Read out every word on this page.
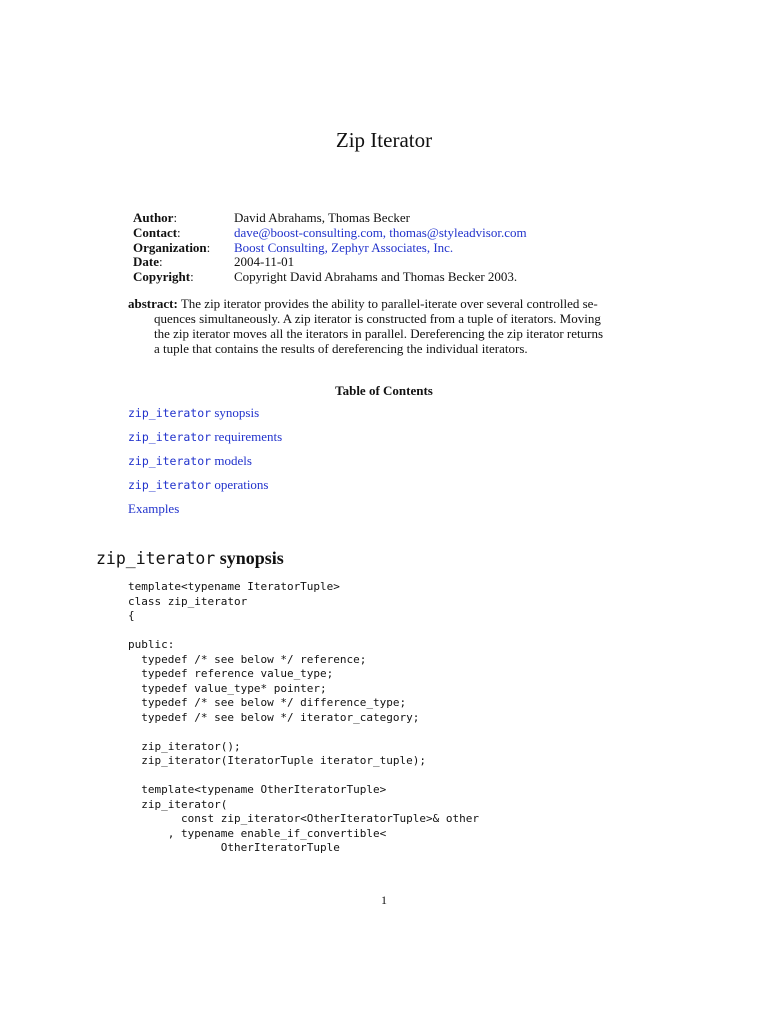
Zip Iterator
Author:	David Abrahams, Thomas Becker
Contact:	dave@boost-consulting.com, thomas@styleadvisor.com
Organization:	Boost Consulting, Zephyr Associates, Inc.
Date:	2004-11-01
Copyright:	Copyright David Abrahams and Thomas Becker 2003.
abstract: The zip iterator provides the ability to parallel-iterate over several controlled se-
quences simultaneously. A zip iterator is constructed from a tuple of iterators. Moving
the zip iterator moves all the iterators in parallel. Dereferencing the zip iterator returns
a tuple that contains the results of dereferencing the individual iterators.
Table of Contents
zip_iterator synopsis
zip_iterator requirements
zip_iterator models
zip_iterator operations
Examples
zip_iterator synopsis
template<typename IteratorTuple>
class zip_iterator
{
public:
typedef /* see below */ reference;
typedef reference value_type;
typedef value_type* pointer;
typedef /* see below */ difference_type;
typedef /* see below */ iterator_category;
zip_iterator();
zip_iterator(IteratorTuple iterator_tuple);
template<typename OtherIteratorTuple>
zip_iterator(
const zip_iterator<OtherIteratorTuple>& other
, typename enable_if_convertible<
OtherIteratorTuple
1
